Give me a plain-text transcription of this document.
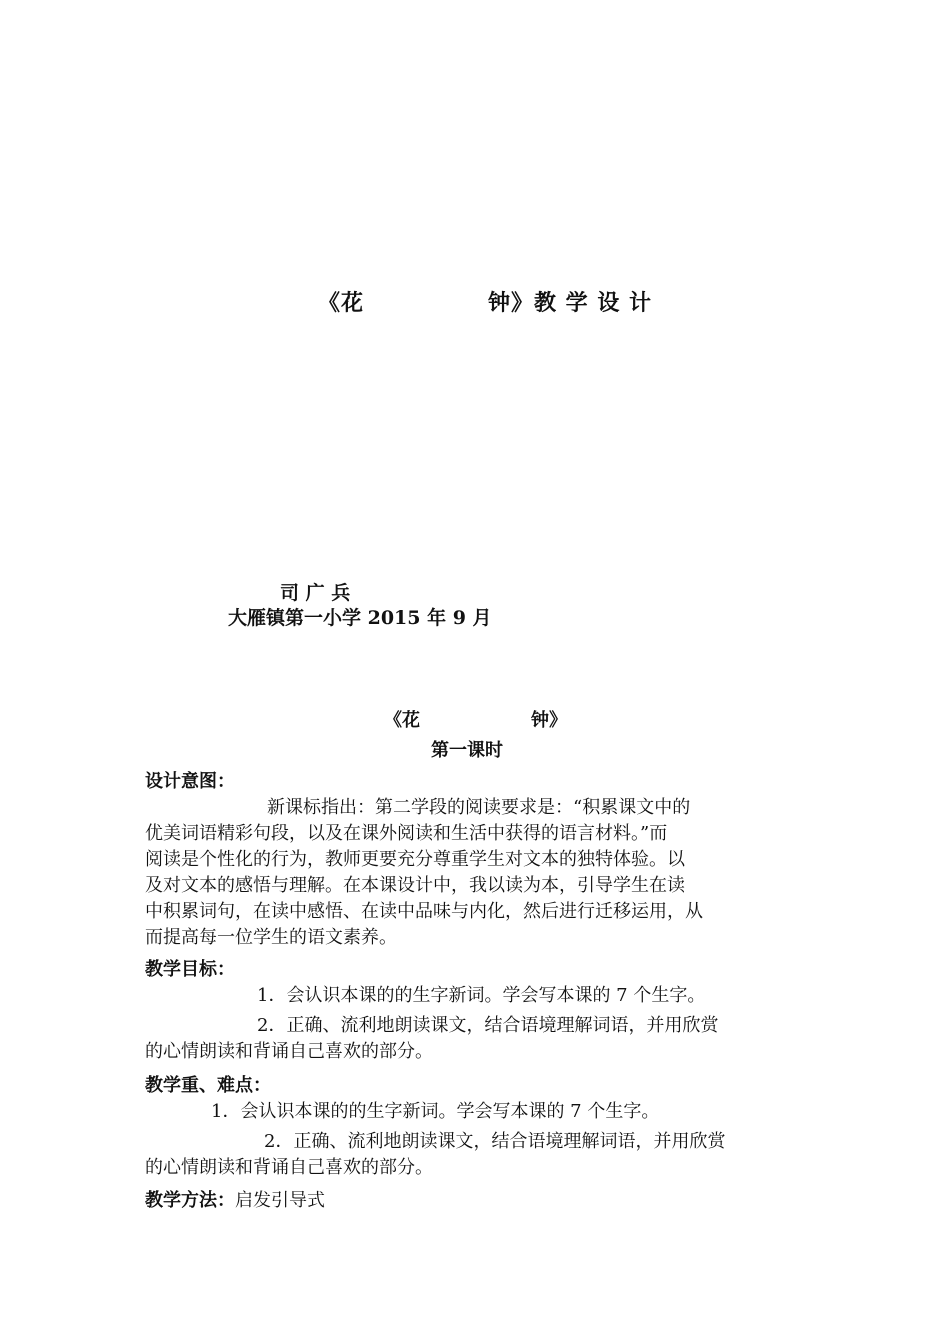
《花	钟》教 学 设 计
司 广 兵
大雁镇第一小学 2015 年 9 月
《花	钟》
第一课时
设计意图：
新课标指出：第二学段的阅读要求是：“积累课文中的
优美词语精彩句段，以及在课外阅读和生活中获得的语言材料。”而
阅读是个性化的行为，教师更要充分尊重学生对文本的独特体验。以
及对文本的感悟与理解。在本课设计中，我以读为本，引导学生在读
中积累词句，在读中感悟、在读中品味与内化，然后进行迁移运用，从
而提高每一位学生的语文素养。
教学目标：
1．会认识本课的的生字新词。学会写本课的 7 个生字。
2．正确、流利地朗读课文，结合语境理解词语，并用欣赏
的心情朗读和背诵自己喜欢的部分。
教学重、难点：
1．会认识本课的的生字新词。学会写本课的 7 个生字。
2．正确、流利地朗读课文，结合语境理解词语，并用欣赏
的心情朗读和背诵自己喜欢的部分。
教学方法：启发引导式
